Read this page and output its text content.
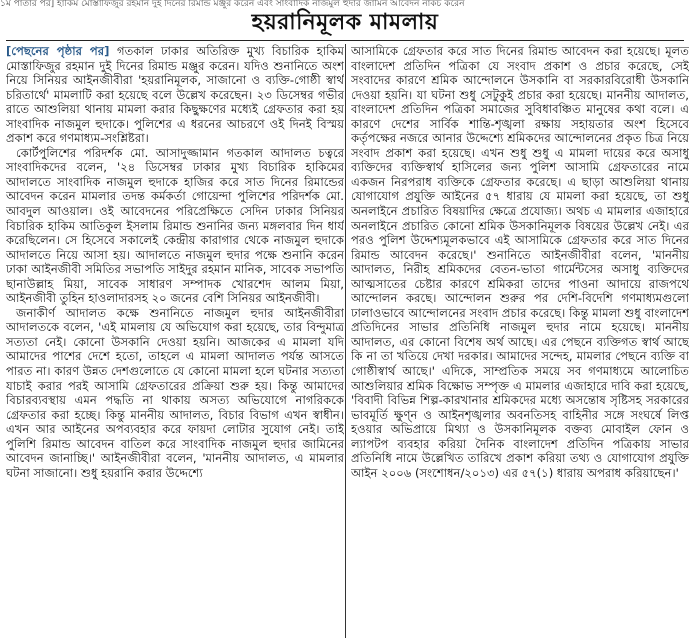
১ম পাতার পর] হাকিম মোস্তাফিজুর রহমান দুই দিনের রিমান্ড মঞ্জুর করেন এবং সাংবাদিক নাজমুল হুদার জামিন আবেদন নাকচ করেন
হয়রানিমূলক মামলায়

[পেছনের পৃষ্ঠার পর] গতকাল ঢাকার অতিরিক্ত মুখ্য বিচারিক হাকিম মোস্তাফিজুর রহমান দুই দিনের রিমান্ড মঞ্জুর করেন। যদিও শুনানিতে অংশ নিয়ে সিনিয়র আইনজীবীরা 'হয়রানিমূলক, সাজানো ও ব্যক্তি-গোষ্ঠী স্বার্থ চরিতার্থে' মামলাটি করা হয়েছে বলে উল্লেখ করেছেন। ২৩ ডিসেম্বর গভীর রাতে আশুলিয়া থানায় মামলা করার কিছুক্ষণের মধ্যেই গ্রেফতার করা হয় সাংবাদিক নাজমুল হুদাকে। পুলিশের এ ধরনের আচরণে ওই দিনই বিস্ময় প্রকাশ করে গণমাধ্যম-সংশ্লিষ্টরা।

কোর্টপুলিশের পরিদর্শক মো. আসাদুজ্জামান গতকাল আদালত চত্বরে সাংবাদিকদের বলেন, '২৪ ডিসেম্বর ঢাকার মুখ্য বিচারিক হাকিমের আদালতে সাংবাদিক নাজমুল হুদাকে হাজির করে সাত দিনের রিমান্ডের আবেদন করেন মামলার তদন্ত কর্মকর্তা গোয়েন্দা পুলিশের পরিদর্শক মো. আবদুল আওয়াল। ওই আবেদনের পরিপ্রেক্ষিতে সেদিন ঢাকার সিনিয়র বিচারিক হাকিম আতিকুল ইসলাম রিমান্ড শুনানির জন্য মঙ্গলবার দিন ধার্য করেছিলেন। সে হিসেবে সকালেই কেন্দ্রীয় কারাগার থেকে নাজমুল হুদাকে আদালতে নিয়ে আসা হয়। আদালতে নাজমুল হুদার পক্ষে শুনানি করেন ঢাকা আইনজীবী সমিতির সভাপতি সাইদুর রহমান মানিক, সাবেক সভাপতি ছানাউল্লাহ মিয়া, সাবেক সাধারণ সম্পাদক খোরশেদ আলম মিয়া, আইনজীবী তুহিন হাওলাদারসহ ২০ জনের বেশি সিনিয়র আইনজীবী।

জনাকীর্ণ আদালত কক্ষে শুনানিতে নাজমুল হুদার আইনজীবীরা আদালতকে বলেন, 'এই মামলায় যে অভিযোগ করা হয়েছে, তার বিন্দুমাত্র সত্যতা নেই। কোনো উসকানি দেওয়া হয়নি। আজকের এ মামলা যদি আমাদের পাশের দেশে হতো, তাহলে এ মামলা আদালত পর্যন্ত আসতে পারত না। কারণ উন্নত দেশগুলোতে যে কোনো মামলা হলে ঘটনার সত্যতা যাচাই করার পরই আসামি গ্রেফতারের প্রক্রিয়া শুরু হয়। কিন্তু আমাদের বিচারব্যবস্থায় এমন পদ্ধতি না থাকায় অসত্য অভিযোগে নাগরিককে গ্রেফতার করা হচ্ছে। কিন্তু মাননীয় আদালত, বিচার বিভাগ এখন স্বাধীন। এখন আর আইনের অপব্যবহার করে ফায়দা লোটার সুযোগ নেই। তাই পুলিশি রিমান্ড আবেদন বাতিল করে সাংবাদিক নাজমুল হুদার জামিনের আবেদন জানাচ্ছি।' আইনজীবীরা বলেন, 'মাননীয় আদালত, এ মামলার ঘটনা সাজানো। শুধু হয়রানি করার উদ্দেশ্যে

আসামিকে গ্রেফতার করে সাত দিনের রিমান্ড আবেদন করা হয়েছে। মূলত বাংলাদেশ প্রতিদিন পত্রিকা যে সংবাদ প্রকাশ ও প্রচার করেছে, সেই সংবাদের কারণে শ্রমিক আন্দোলনে উসকানি বা সরকারবিরোধী উসকানি দেওয়া হয়নি। যা ঘটনা শুধু সেটুকুই প্রচার করা হয়েছে। মাননীয় আদালত, বাংলাদেশ প্রতিদিন পত্রিকা সমাজের সুবিধাবঞ্চিত মানুষের কথা বলে। এ কারণে দেশের সার্বিক শান্তি-শৃঙ্খলা রক্ষায় সহায়তার অংশ হিসেবে কর্তৃপক্ষের নজরে আনার উদ্দেশ্যে শ্রমিকদের আন্দোলনের প্রকৃত চিত্র নিয়ে সংবাদ প্রকাশ করা হয়েছে। এখন শুধু শুধু এ মামলা দায়ের করে অসাধু ব্যক্তিদের ব্যক্তিস্বার্থ হাসিলের জন্য পুলিশ আসামি গ্রেফতারের নামে একজন নিরপরাধ ব্যক্তিকে গ্রেফতার করেছে। এ ছাড়া আশুলিয়া থানায় যোগাযোগ প্রযুক্তি আইনের ৫৭ ধারায় যে মামলা করা হয়েছে, তা শুধু অনলাইনে প্রচারিত বিষয়াদির ক্ষেত্রে প্রযোজ্য। অথচ এ মামলার এজাহারে অনলাইনে প্রচারিত কোনো শ্রমিক উসকানিমূলক বিষয়ের উল্লেখ নেই। এর পরও পুলিশ উদ্দেশ্যমূলকভাবে এই আসামিকে গ্রেফতার করে সাত দিনের রিমান্ড আবেদন করেছে।' শুনানিতে আইনজীবীরা বলেন, 'মাননীয় আদালত, নিরীহ শ্রমিকদের বেতন-ভাতা গার্মেন্টসের অসাধু ব্যক্তিদের আত্মসাতের চেষ্টার কারণে শ্রমিকরা তাদের পাওনা আদায়ে রাজপথে আন্দোলন করছে। আন্দোলন শুরুর পর দেশি-বিদেশি গণমাধ্যমগুলো ঢালাওভাবে আন্দোলনের সংবাদ প্রচার করেছে। কিন্তু মামলা শুধু বাংলাদেশ প্রতিদিনের সাভার প্রতিনিধি নাজমুল হুদার নামে হয়েছে। মাননীয় আদালত, এর কোনো বিশেষ অর্থ আছে। এর পেছনে ব্যক্তিগত স্বার্থ আছে কি না তা খতিয়ে দেখা দরকার। আমাদের সন্দেহ, মামলার পেছনে ব্যক্তি বা গোষ্ঠীস্বার্থ আছে।' এদিকে, সাম্প্রতিক সময়ে সব গণমাধ্যমে আলোচিত আশুলিয়ার শ্রমিক বিক্ষোভ সম্পৃক্ত এ মামলার এজাহারে দাবি করা হয়েছে, 'বিবাদী বিভিন্ন শিল্প-কারখানার শ্রমিকদের মধ্যে অসন্তোষ সৃষ্টিসহ সরকারের ভাবমূর্তি ক্ষুণ্ন ও আইনশৃঙ্খলার অবনতিসহ বাহিনীর সঙ্গে সংঘর্ষে লিপ্ত হওয়ার অভিপ্রায়ে মিথ্যা ও উসকানিমূলক বক্তব্য মোবাইল ফোন ও ল্যাপটপ ব্যবহার করিয়া দৈনিক বাংলাদেশ প্রতিদিন পত্রিকায় সাভার প্রতিনিধি নামে উল্লেখিত তারিখে প্রকাশ করিয়া তথ্য ও যোগাযোগ প্রযুক্তি আইন ২০০৬ (সংশোধন/২০১৩) এর ৫৭(১) ধারায় অপরাধ করিয়াছেন।'
